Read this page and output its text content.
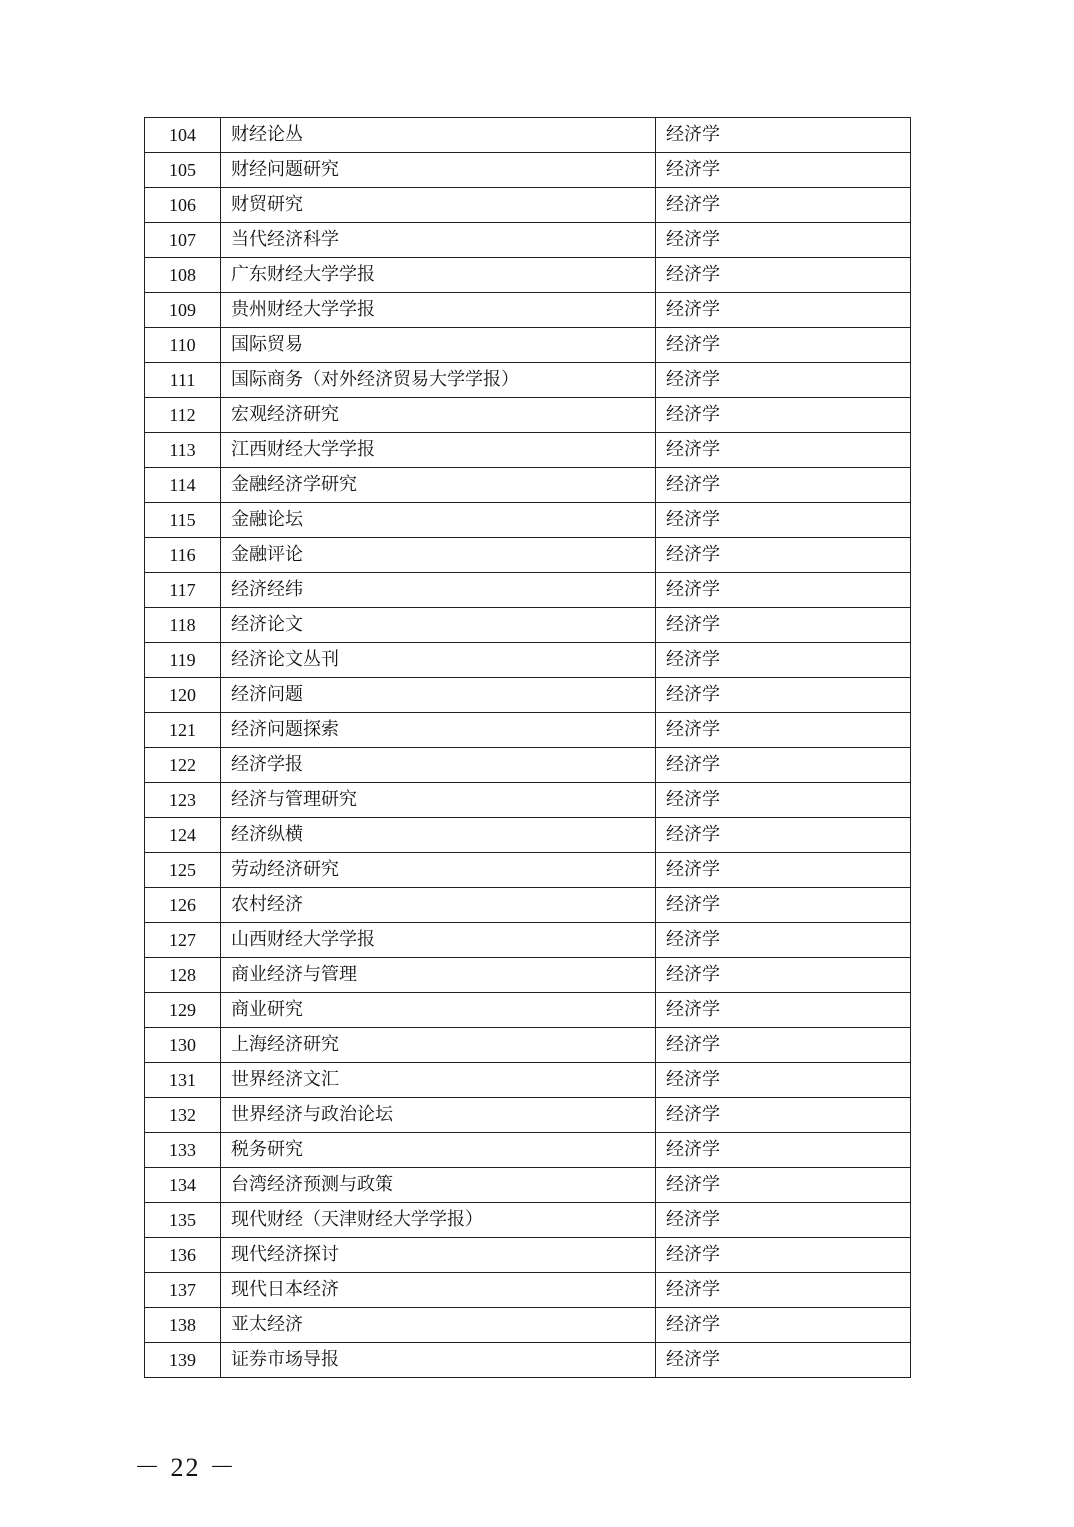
104	财经论丛	经济学
105	财经问题研究	经济学
106	财贸研究	经济学
107	当代经济科学	经济学
108	广东财经大学学报	经济学
109	贵州财经大学学报	经济学
110	国际贸易	经济学
111	国际商务（对外经济贸易大学学报）	经济学
112	宏观经济研究	经济学
113	江西财经大学学报	经济学
114	金融经济学研究	经济学
115	金融论坛	经济学
116	金融评论	经济学
117	经济经纬	经济学
118	经济论文	经济学
119	经济论文丛刊	经济学
120	经济问题	经济学
121	经济问题探索	经济学
122	经济学报	经济学
123	经济与管理研究	经济学
124	经济纵横	经济学
125	劳动经济研究	经济学
126	农村经济	经济学
127	山西财经大学学报	经济学
128	商业经济与管理	经济学
129	商业研究	经济学
130	上海经济研究	经济学
131	世界经济文汇	经济学
132	世界经济与政治论坛	经济学
133	税务研究	经济学
134	台湾经济预测与政策	经济学
135	现代财经（天津财经大学学报）	经济学
136	现代经济探讨	经济学
137	现代日本经济	经济学
138	亚太经济	经济学
139	证券市场导报	经济学
－ 22 －
